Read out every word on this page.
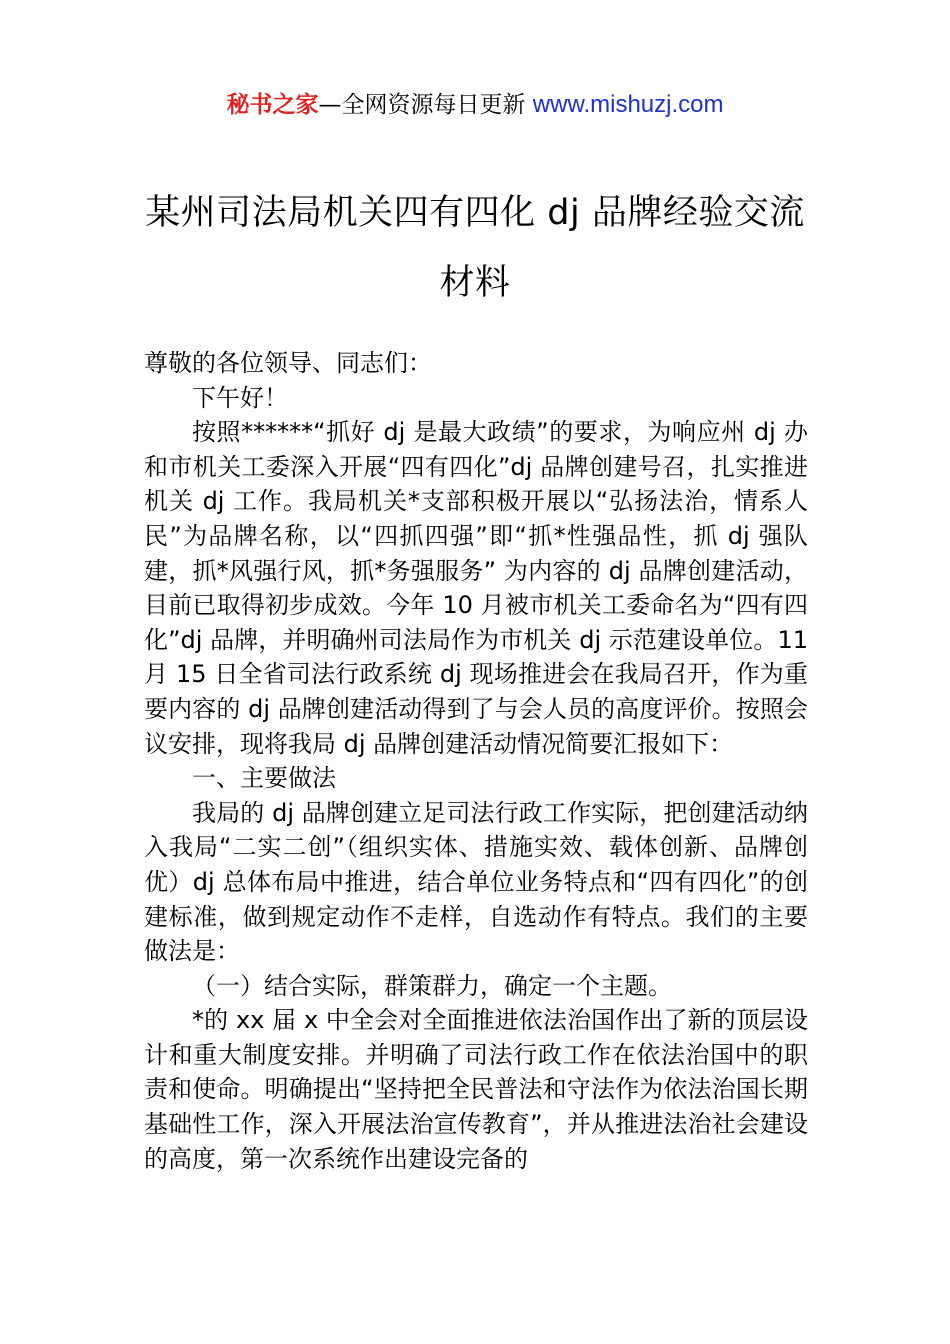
秘书之家—全网资源每日更新 www.mishuzj.com
某州司法局机关四有四化 dj 品牌经验交流
材料

尊敬的各位领导、同志们：

下午好！

按照******“抓好 dj 是最大政绩”的要求，为响应州 dj 办和市机关工委深入开展“四有四化”dj 品牌创建号召，扎实推进机关 dj 工作。我局机关*支部积极开展以“弘扬法治，情系人民”为品牌名称，以“四抓四强”即“抓*性强品性，抓 dj 强队建，抓*风强行风，抓*务强服务” 为内容的 dj 品牌创建活动，目前已取得初步成效。今年 10 月被市机关工委命名为“四有四化”dj 品牌，并明确州司法局作为市机关 dj 示范建设单位。11 月 15 日全省司法行政系统 dj 现场推进会在我局召开，作为重要内容的 dj 品牌创建活动得到了与会人员的高度评价。按照会议安排，现将我局 dj 品牌创建活动情况简要汇报如下：

一、主要做法

我局的 dj 品牌创建立足司法行政工作实际，把创建活动纳入我局“二实二创”（组织实体、措施实效、载体创新、品牌创优）dj 总体布局中推进，结合单位业务特点和“四有四化”的创建标准，做到规定动作不走样，自选动作有特点。我们的主要做法是：

（一）结合实际，群策群力，确定一个主题。

*的 xx 届 x 中全会对全面推进依法治国作出了新的顶层设计和重大制度安排。并明确了司法行政工作在依法治国中的职责和使命。明确提出“坚持把全民普法和守法作为依法治国长期基础性工作，深入开展法治宣传教育”，并从推进法治社会建设的高度，第一次系统作出建设完备的
